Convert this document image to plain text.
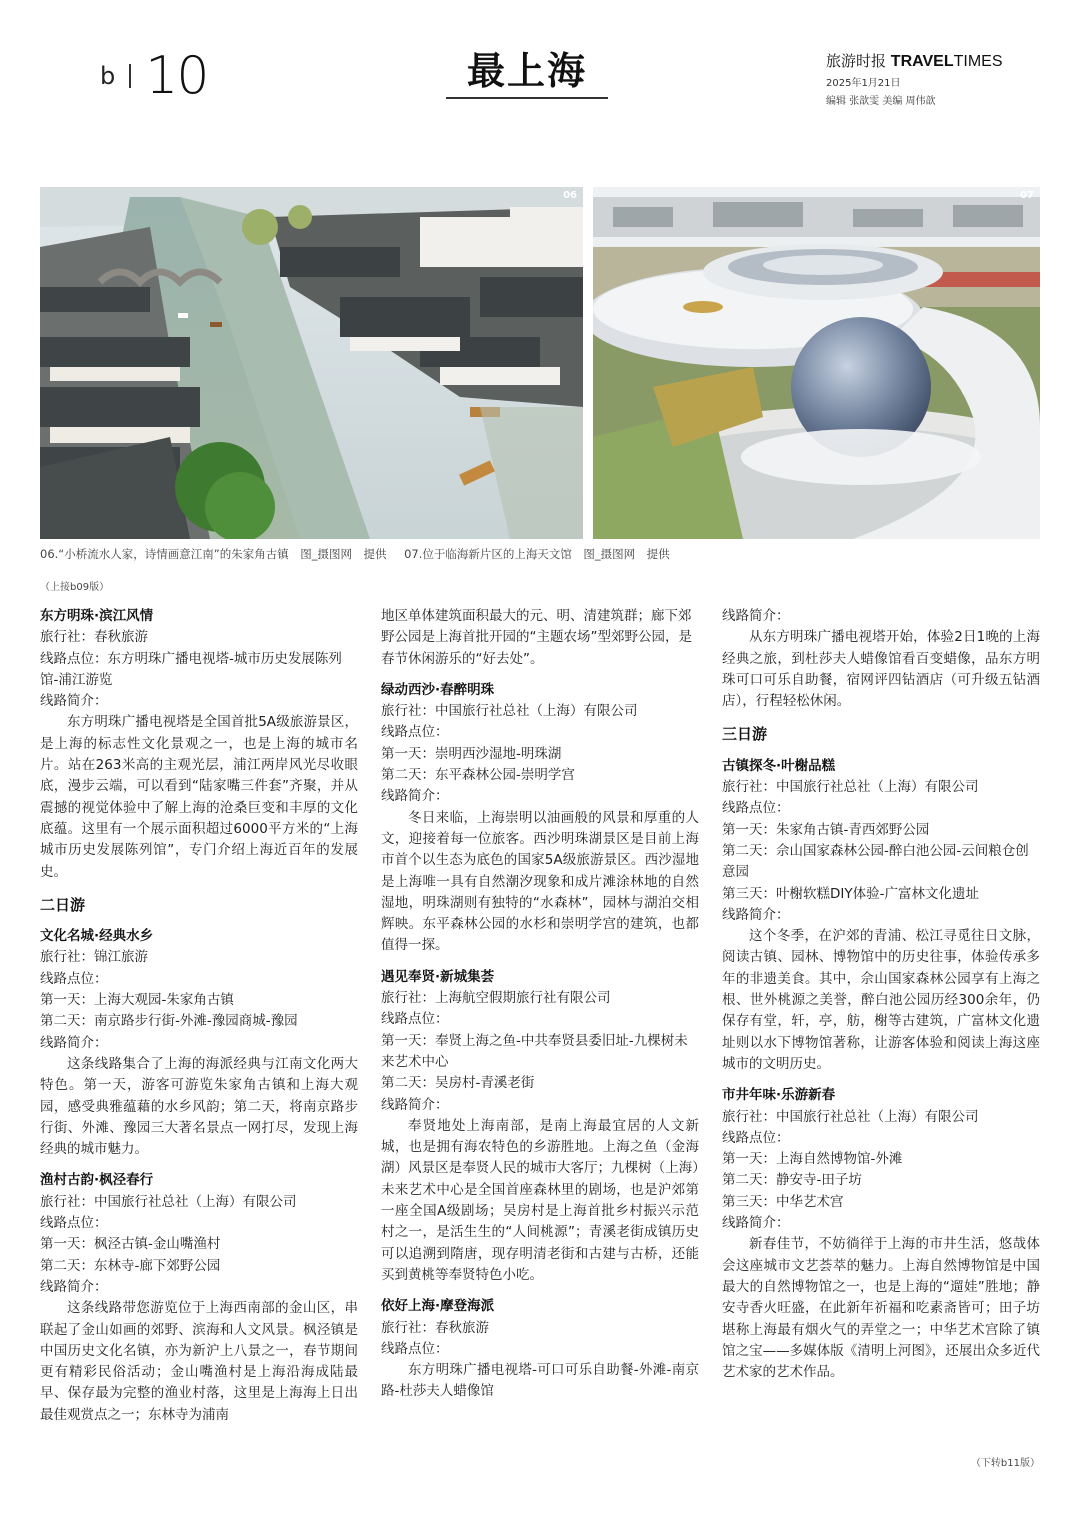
b 10	最上海	旅游时报 TRAVELTIMES
2025年1月21日
编辑 张歆雯 美编 周伟歆
06	07
06.“小桥流水人家，诗情画意江南”的朱家角古镇　图_摄图网　提供 07.位于临海新片区的上海天文馆　图_摄图网　提供
（上接b09版）

东方明珠·滨江风情

旅行社：春秋旅游

线路点位：东方明珠广播电视塔-城市历史发展陈列馆-浦江游览

线路简介：

东方明珠广播电视塔是全国首批5A级旅游景区，是上海的标志性文化景观之一，也是上海的城市名片。站在263米高的主观光层，浦江两岸风光尽收眼底，漫步云端，可以看到“陆家嘴三件套”齐聚，并从震撼的视觉体验中了解上海的沧桑巨变和丰厚的文化底蕴。这里有一个展示面积超过6000平方米的“上海城市历史发展陈列馆”，专门介绍上海近百年的发展史。

二日游

文化名城·经典水乡

旅行社：锦江旅游

线路点位：

第一天：上海大观园-朱家角古镇

第二天：南京路步行街-外滩-豫园商城-豫园

线路简介：

这条线路集合了上海的海派经典与江南文化两大特色。第一天，游客可游览朱家角古镇和上海大观园，感受典雅蕴藉的水乡风韵；第二天，将南京路步行街、外滩、豫园三大著名景点一网打尽，发现上海经典的城市魅力。

渔村古韵·枫泾春行

旅行社：中国旅行社总社（上海）有限公司

线路点位：

第一天：枫泾古镇-金山嘴渔村

第二天：东林寺-廊下郊野公园

线路简介：

这条线路带您游览位于上海西南部的金山区，串联起了金山如画的郊野、滨海和人文风景。枫泾镇是中国历史文化名镇，亦为新沪上八景之一，春节期间更有精彩民俗活动；金山嘴渔村是上海沿海成陆最早、保存最为完整的渔业村落，这里是上海海上日出最佳观赏点之一；东林寺为浦南

地区单体建筑面积最大的元、明、清建筑群；廊下郊野公园是上海首批开园的“主题农场”型郊野公园，是春节休闲游乐的“好去处”。

绿动西沙·春醉明珠

旅行社：中国旅行社总社（上海）有限公司

线路点位：

第一天：崇明西沙湿地-明珠湖

第二天：东平森林公园-崇明学宫

线路简介：

冬日来临，上海崇明以油画般的风景和厚重的人文，迎接着每一位旅客。西沙明珠湖景区是目前上海市首个以生态为底色的国家5A级旅游景区。西沙湿地是上海唯一具有自然潮汐现象和成片滩涂林地的自然湿地，明珠湖则有独特的“水森林”，园林与湖泊交相辉映。东平森林公园的水杉和崇明学宫的建筑，也都值得一探。

遇见奉贤·新城集荟

旅行社：上海航空假期旅行社有限公司

线路点位：

第一天：奉贤上海之鱼-中共奉贤县委旧址-九棵树未来艺术中心

第二天：吴房村-青溪老街

线路简介：

奉贤地处上海南部，是南上海最宜居的人文新城，也是拥有海农特色的乡游胜地。上海之鱼（金海湖）风景区是奉贤人民的城市大客厅；九棵树（上海）未来艺术中心是全国首座森林里的剧场，也是沪郊第一座全国A级剧场；吴房村是上海首批乡村振兴示范村之一，是活生生的“人间桃源”；青溪老街成镇历史可以追溯到隋唐，现存明清老街和古建与古桥，还能买到黄桃等奉贤特色小吃。

依好上海·摩登海派

旅行社：春秋旅游

线路点位：

东方明珠广播电视塔-可口可乐自助餐-外滩-南京路-杜莎夫人蜡像馆

线路简介：

从东方明珠广播电视塔开始，体验2日1晚的上海经典之旅，到杜莎夫人蜡像馆看百变蜡像，品东方明珠可口可乐自助餐，宿网评四钻酒店（可升级五钻酒店），行程轻松休闲。

三日游

古镇探冬·叶榭品糕

旅行社：中国旅行社总社（上海）有限公司

线路点位：

第一天：朱家角古镇-青西郊野公园

第二天：佘山国家森林公园-醉白池公园-云间粮仓创意园

第三天：叶榭软糕DIY体验-广富林文化遗址

线路简介：

这个冬季，在沪郊的青浦、松江寻觅往日文脉，阅读古镇、园林、博物馆中的历史往事，体验传承多年的非遗美食。其中，佘山国家森林公园享有上海之根、世外桃源之美誉，醉白池公园历经300余年，仍保存有堂，轩，亭，舫，榭等古建筑，广富林文化遗址则以水下博物馆著称，让游客体验和阅读上海这座城市的文明历史。

市井年味·乐游新春

旅行社：中国旅行社总社（上海）有限公司

线路点位：

第一天：上海自然博物馆-外滩

第二天：静安寺-田子坊

第三天：中华艺术宫

线路简介：

新春佳节，不妨徜徉于上海的市井生活，悠哉体会这座城市文艺荟萃的魅力。上海自然博物馆是中国最大的自然博物馆之一，也是上海的“遛娃”胜地；静安寺香火旺盛，在此新年祈福和吃素斋皆可；田子坊堪称上海最有烟火气的弄堂之一；中华艺术宫除了镇馆之宝——多媒体版《清明上河图》，还展出众多近代艺术家的艺术作品。

（下转b11版）
